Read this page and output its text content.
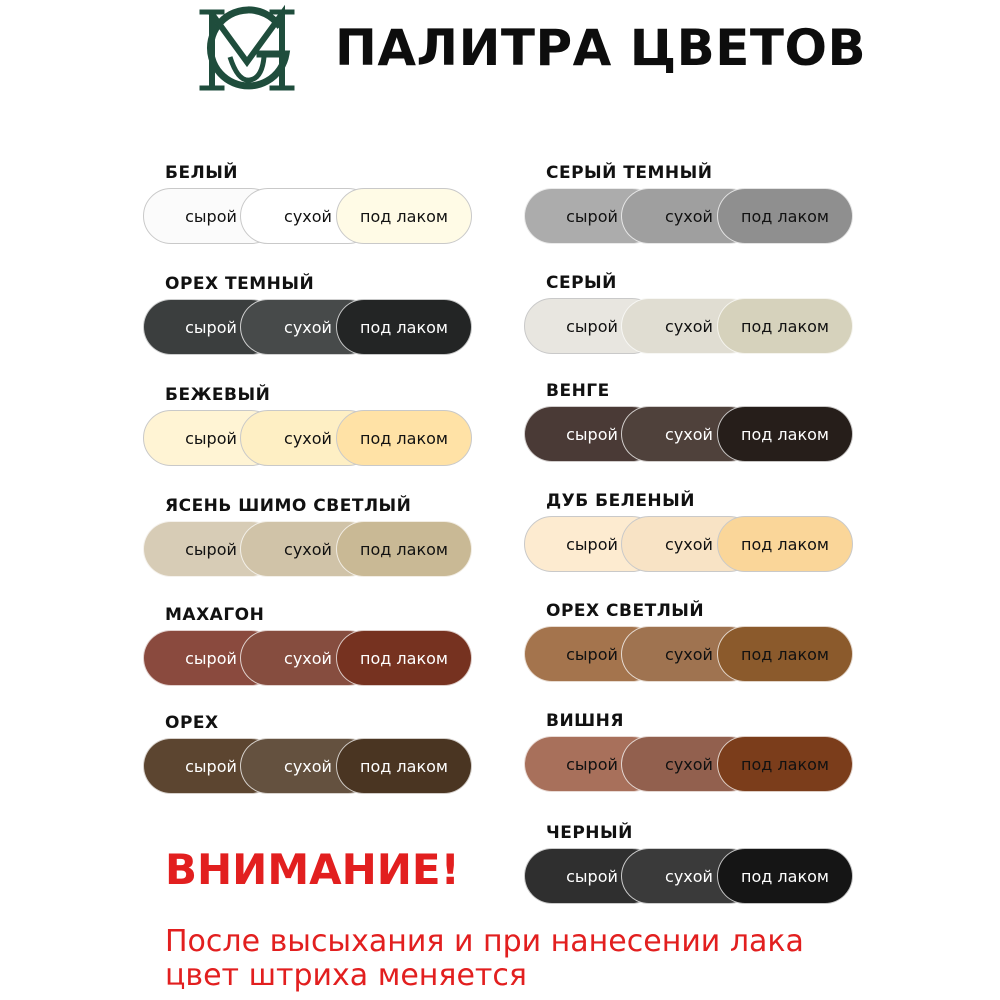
ПАЛИТРА ЦВЕТОВ
БЕЛЫЙ
сырой	сухой	под лаком
ОРЕХ ТЕМНЫЙ
сырой	сухой	под лаком
БЕЖЕВЫЙ
сырой	сухой	под лаком
ЯСЕНЬ ШИМО СВЕТЛЫЙ
сырой	сухой	под лаком
МАХАГОН
сырой	сухой	под лаком
ОРЕХ
сырой	сухой	под лаком
СЕРЫЙ ТЕМНЫЙ
сырой	сухой	под лаком
СЕРЫЙ
сырой	сухой	под лаком
ВЕНГЕ
сырой	сухой	под лаком
ДУБ БЕЛЕНЫЙ
сырой	сухой	под лаком
ОРЕХ СВЕТЛЫЙ
сырой	сухой	под лаком
ВИШНЯ
сырой	сухой	под лаком
ЧЕРНЫЙ
сырой	сухой	под лаком
ВНИМАНИЕ!
После высыхания и при нанесении лака цвет штриха меняется
